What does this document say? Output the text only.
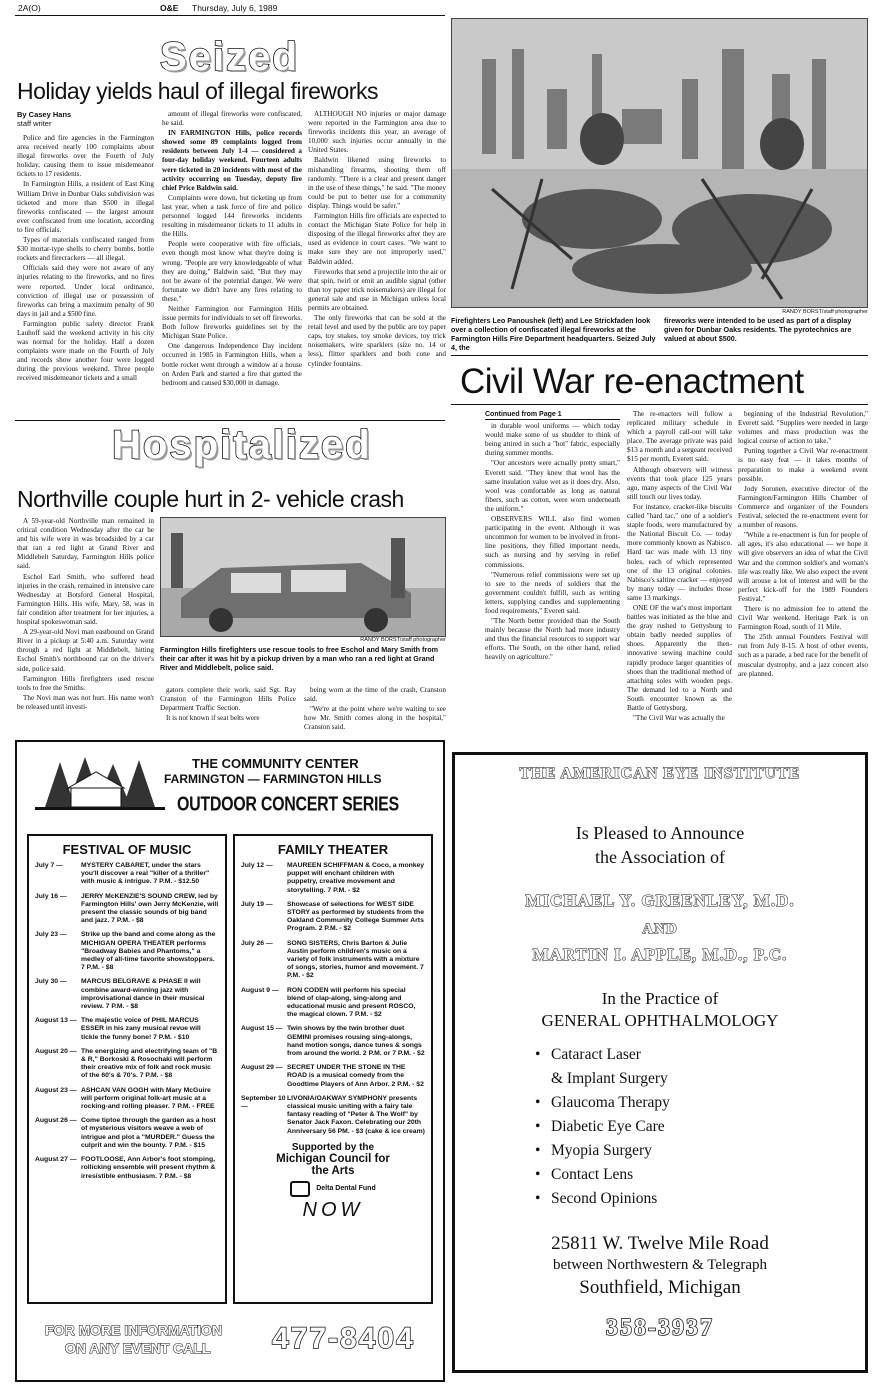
2A(O)	O&E Thursday, July 6, 1989
Seized
Holiday yields haul of illegal fireworks
By Casey Hans
staff writer

Police and fire agencies in the Farmington area received nearly 100 complaints about illegal fireworks over the Fourth of July holiday, causing them to issue misdemeanor tickets to 17 residents.

In Farmington Hills, a resident of East King William Drive in Dunbar Oaks subdivision was ticketed and more than $500 in illegal fireworks confiscated — the largest amount ever confiscated from one location, according to fire officials.

Types of materials confiscated ranged from $30 mortar-type shells to cherry bombs, bottle rockets and firecrackers — all illegal.

Officials said they were not aware of any injuries relating to the fireworks, and no fires were reported. Under local ordinance, conviction of illegal use or possession of fireworks can bring a maximum penalty of 90 days in jail and a $500 fine.

Farmington public safety director Frank Lauhoff said the weekend activity in his city was normal for the holiday. Half a dozen complaints were made on the Fourth of July and records show another four were logged during the previous weekend. Three people received misdemeanor tickets and a small

amount of illegal fireworks were confiscated, he said.

IN FARMINGTON Hills, police records showed some 89 complaints logged from residents between July 1-4 — considered a four-day holiday weekend. Fourteen adults were ticketed in 20 incidents with most of the activity occurring on Tuesday, deputy fire chief Price Baldwin said.

Complaints were down, but ticketing up from last year, when a task force of fire and police personnel logged 144 fireworks incidents resulting in misdemeanor tickets to 11 adults in the Hills.

People were cooperative with fire officials, even though most know what they're doing is wrong. "People are very knowledgeable of what they are doing," Baldwin said. "But they may not be aware of the potential danger. We were fortunate we didn't have any fires relating to these."

Neither Farmington nor Farmington Hills issue permits for individuals to set off fireworks. Both follow fireworks guidelines set by the Michigan State Police.

One dangerous Independence Day incident occurred in 1985 in Farmington Hills, when a bottle rocket went through a window at a house on Arden Park and started a fire that gutted the bedroom and caused $30,000 in damage.

ALTHOUGH NO injuries or major damage were reported in the Farmington area due to fireworks incidents this year, an average of 10,000 such injuries occur annually in the United States.

Baldwin likened using fireworks to mishandling firearms, shooting them off randomly. "There is a clear and present danger in the use of these things," he said. "The money could be put to better use for a community display. Things would be safer."

Farmington Hills fire officials are expected to contact the Michigan State Police for help in disposing of the illegal fireworks after they are used as evidence in court cases. "We want to make sure they are not improperly used," Baldwin added.

Fireworks that send a projectile into the air or that spin, twirl or emit an audible signal (other than toy paper trick noisemakers) are illegal for general sale and use in Michigan unless local permits are obtained.

The only fireworks that can be sold at the retail level and used by the public are toy paper caps, toy snakes, toy smoke devices, toy trick noisemakers, wire sparklers (size no. 14 or less), flitter sparklers and both cone and cylinder fountains.

RANDY BORST/staff photographer
Firefighters Leo Panoushek (left) and Lee Strickfaden look over a collection of confiscated illegal fireworks at the Farmington Hills Fire Department headquarters. Seized July 4, the
fireworks were intended to be used as part of a display given for Dunbar Oaks residents. The pyrotechnics are valued at about $500.
Hospitalized
Northville couple hurt in 2- vehicle crash

A 59-year-old Northville man remained in critical condition Wednesday after the car he and his wife were in was broadsided by a car that ran a red light at Grand River and Middlebelt Saturday, Farmington Hills police said.

Eschol Earl Smith, who suffered head injuries in the crash, remained in intensive care Wednesday at Botsford General Hospital, Farmington Hills. His wife, Mary, 58, was in fair condition after treatment for her injuries, a hospital spokeswoman said.

A 29-year-old Novi man eastbound on Grand River in a pickup at 5:40 a.m. Saturday went through a red light at Middlebelt, hitting Eschol Smith's northbound car on the driver's side, police said.

Farmington Hills firefighters used rescue tools to free the Smiths.

The Novi man was not hurt. His name won't be released until investi-

RANDY BORST/staff photographer
Farmington Hills firefighters use rescue tools to free Eschol and Mary Smith from their car after it was hit by a pickup driven by a man who ran a red light at Grand River and Middlebelt, police said.

gators complete their work, said Sgt. Ray Cranston of the Farmington Hills Police Department Traffic Section.

It is not known if seat belts were

being worn at the time of the crash, Cranston said.

"We're at the point where we're waiting to see how Mr. Smith comes along in the hospital," Cranston said.

Civil War re-enactment
Continued from Page 1

in durable wool uniforms — which today would make some of us shudder to think of being attired in such a "hot" fabric, especially during summer months.

"Our ancestors were actually pretty smart," Everett said. "They knew that wool has the same insulation value wet as it does dry. Also, wool was comfortable as long as natural fibers, such as cotton, were worn underneath the uniform."

OBSERVERS WILL also find women participating in the event. Although it was uncommon for women to be involved in front-line positions, they filled important needs, such as nursing and by serving in relief commissions.

"Numerous relief commissions were set up to see to the needs of soldiers that the government couldn't fulfill, such as writing letters, supplying candles and supplementing food requirements," Everett said.

"The North better provided than the South mainly because the North had more industry and thus the financial resources to support war efforts. The South, on the other hand, relied heavily on agriculture."

The re-enacters will follow a replicated military schedule in which a payroll call-out will take place. The average private was paid $13 a month and a sergeant received $15 per month, Everett said.

Although observers will witness events that took place 125 years ago, many aspects of the Civil War still touch our lives today.

For instance, cracker-like biscuits called "hard tac," one of a soldier's staple foods, were manufactured by the National Biscuit Co. — today more commonly known as Nabisco. Hard tac was made with 13 tiny holes, each of which represented one of the 13 original colonies. Nabisco's saltine cracker — enjoyed by many today — includes those same 13 markings.

ONE OF the war's most important battles was initiated as the blue and the gray rushed to Gettysburg to obtain badly needed supplies of shoes. Apparently the then-innovative sewing machine could rapidly produce larger quantities of shoes than the traditional method of attaching soles with wooden pegs. The demand led to a North and South encounter known as the Battle of Gettysburg.

"The Civil War was actually the

beginning of the Industrial Revolution," Everett said. "Supplies were needed in large volumes and mass production was the logical course of action to take."

Putting together a Civil War re-enactment is no easy feat — it takes months of preparation to make a weekend event possible.

Jody Soronen, executive director of the Farmington/Farmington Hills Chamber of Commerce and organizer of the Founders Festival, selected the re-enactment event for a number of reasons.

"While a re-enactment is fun for people of all ages, it's also educational — we hope it will give observers an idea of what the Civil War and the common soldier's and woman's life was really like. We also expect the event will arouse a lot of interest and will be the perfect kick-off for the 1989 Founders Festival."

There is no admission fee to attend the Civil War weekend. Heritage Park is on Farmington Road, south of 11 Mile.

The 25th annual Founders Festival will run from July 8-15. A host of other events, such as a parade, a bed race for the benefit of muscular dystrophy, and a jazz concert also are planned.

THE COMMUNITY CENTER
FARMINGTON — FARMINGTON HILLS
OUTDOOR CONCERT SERIES
FESTIVAL OF MUSIC
July 7 —	MYSTERY CABARET, under the stars you'll discover a real "killer of a thriller" with music & intrigue. 7 P.M. - $12.50
July 16 —	JERRY McKENZIE'S SOUND CREW, led by Farmington Hills' own Jerry McKenzie, will present the classic sounds of big band and jazz. 7 P.M. - $8
July 23 —	Strike up the band and come along as the MICHIGAN OPERA THEATER performs "Broadway Babies and Phantoms," a medley of all-time favorite showstoppers. 7 P.M. - $8
July 30 —	MARCUS BELGRAVE & PHASE II will combine award-winning jazz with improvisational dance in their musical review. 7 P.M. - $8
August 13 — The majestic voice of PHIL MARCUS ESSER in his zany musical revue will tickle the funny bone! 7 P.M. - $10
August 20 — The energizing and electrifying team of "B & R," Borkoski & Rosochaki will perform their creative mix of folk and rock music of the 60's & 70's. 7 P.M. - $8
August 23 — ASHCAN VAN GOGH with Mary McGuire will perform original folk-art music at a rocking-and rolling pleaser. 7 P.M. - FREE
August 26 — Come tiptoe through the garden as a host of mysterious visitors weave a web of intrigue and plot a "MURDER." Guess the culprit and win the bounty. 7 P.M. - $15
August 27 — FOOTLOOSE, Ann Arbor's foot stomping, rollicking ensemble will present rhythm & irresistible enthusiasm. 7 P.M. - $8
FAMILY THEATER
July 12 —	MAUREEN SCHIFFMAN & Coco, a monkey puppet will enchant children with puppetry, creative movement and storytelling. 7 P.M. - $2
July 19 —	Showcase of selections for WEST SIDE STORY as performed by students from the Oakland Community College Summer Arts Program. 2 P.M. - $2
July 26 —	SONG SISTERS, Chris Barton & Julie Austin perform children's music on a variety of folk instruments with a mixture of songs, stories, humor and movement. 7 P.M. - $2
August 9 —	RON CODEN will perform his special blend of clap-along, sing-along and educational music and present ROSCO, the magical clown. 7 P.M. - $2
August 15 — Twin shows by the twin brother duet GEMINI promises rousing sing-alongs, hand motion songs, dance tunes & songs from around the world. 2 P.M. or 7 P.M. - $2
August 29 — SECRET UNDER THE STONE IN THE ROAD is a musical comedy from the Goodtime Players of Ann Arbor. 2 P.M. - $2
September 10 —
LIVONIA/OAKWAY SYMPHONY presents classical music uniting with a fairy tale fantasy reading of "Peter & The Wolf" by Senator Jack Faxon. Celebrating our 20th Anniversary 56 PM. - $3 (cake & ice cream)
Supported by the
Michigan Council for the Arts
Delta Dental Fund
NOW
FOR MORE INFORMATION
ON ANY EVENT CALL 477-8404
THE AMERICAN EYE INSTITUTE
Is Pleased to Announce
the Association of
MICHAEL Y. GREENLEY, M.D.
AND
MARTIN I. APPLE, M.D., P.C.
In the Practice of
GENERAL OPHTHALMOLOGY
• Cataract Laser
& Implant Surgery
• Glaucoma Therapy
• Diabetic Eye Care
• Myopia Surgery
• Contact Lens
• Second Opinions
25811 W. Twelve Mile Road
between Northwestern & Telegraph
Southfield, Michigan
358-3937
